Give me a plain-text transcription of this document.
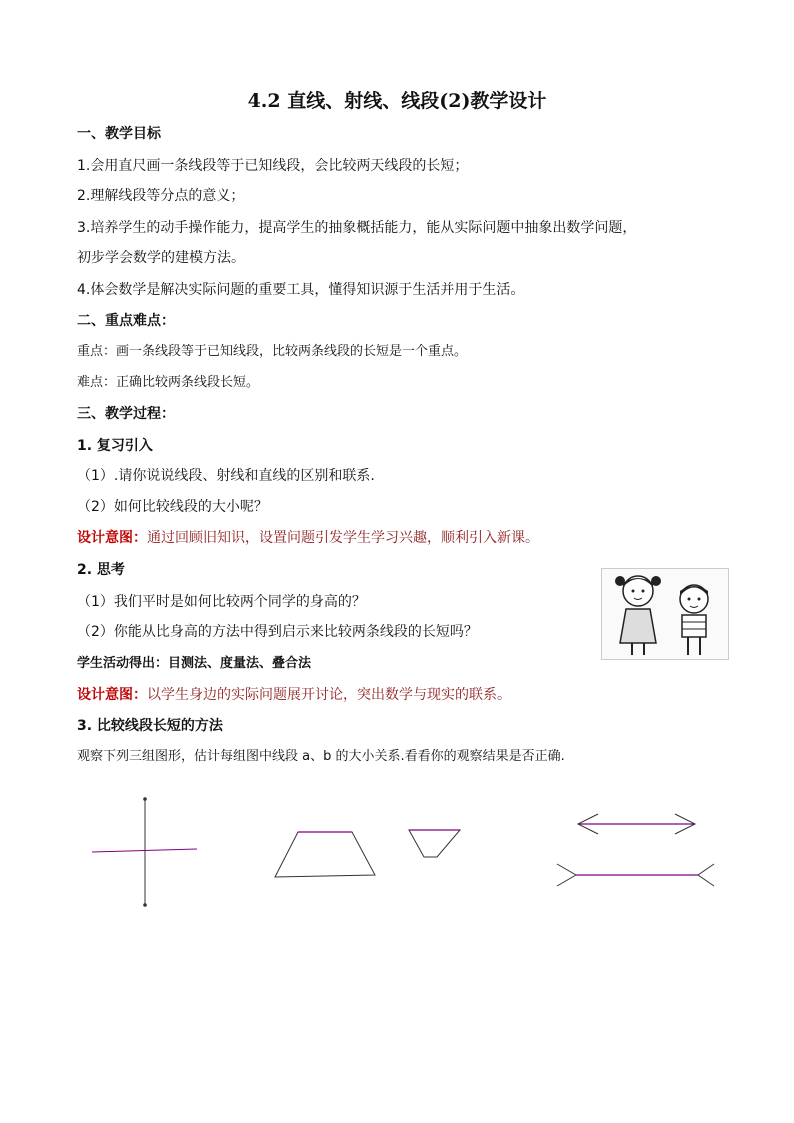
4.2 直线、射线、线段(2)教学设计
一、教学目标
1.会用直尺画一条线段等于已知线段，会比较两天线段的长短；
2.理解线段等分点的意义；
3.培养学生的动手操作能力，提高学生的抽象概括能力，能从实际问题中抽象出数学问题，
初步学会数学的建模方法。
4.体会数学是解决实际问题的重要工具，懂得知识源于生活并用于生活。
二、重点难点：
重点：画一条线段等于已知线段，比较两条线段的长短是一个重点。
难点：正确比较两条线段长短。
三、教学过程：
1. 复习引入
（1）.请你说说线段、射线和直线的区别和联系.
（2）如何比较线段的大小呢？
设计意图：通过回顾旧知识，设置问题引发学生学习兴趣，顺利引入新课。
2. 思考
（1）我们平时是如何比较两个同学的身高的？
（2）你能从比身高的方法中得到启示来比较两条线段的长短吗？
学生活动得出：目测法、度量法、叠合法
设计意图：以学生身边的实际问题展开讨论，突出数学与现实的联系。
3. 比较线段长短的方法
观察下列三组图形，估计每组图中线段 a、b 的大小关系.看看你的观察结果是否正确.
